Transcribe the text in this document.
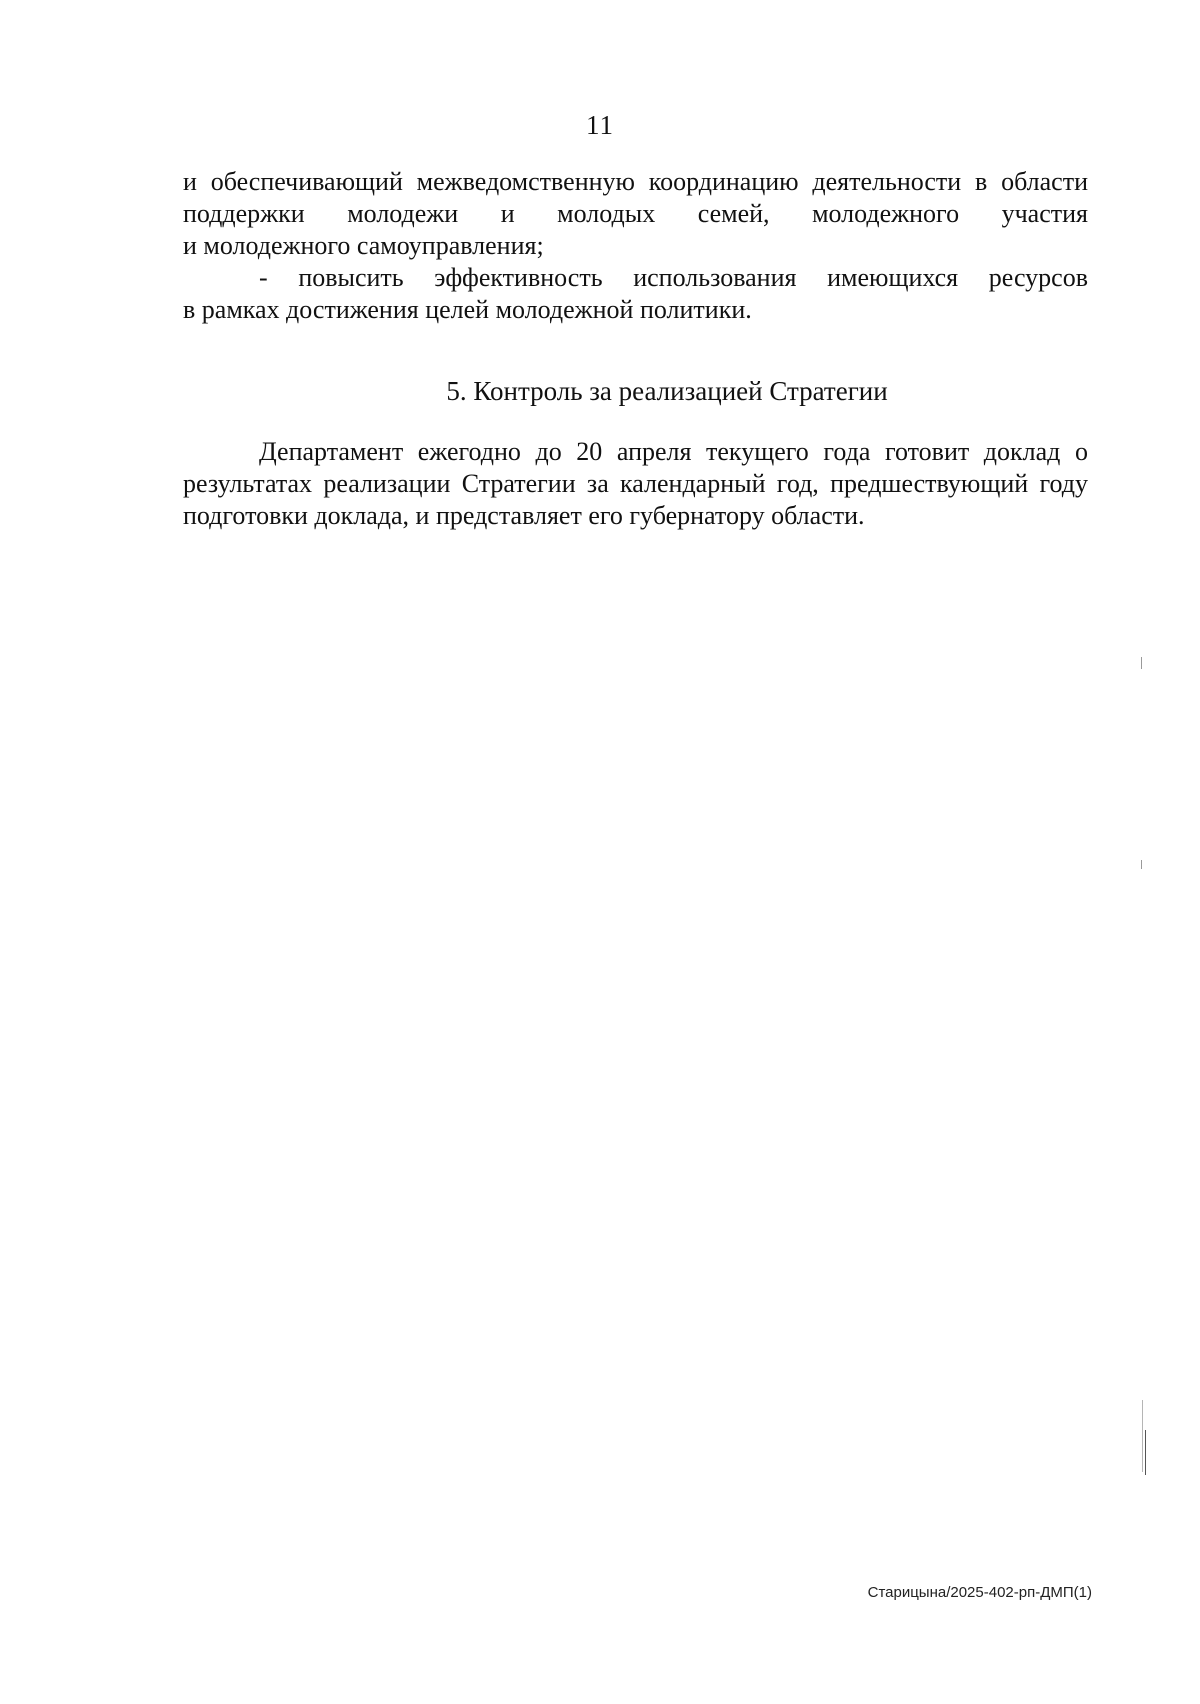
11
и обеспечивающий межведомственную координацию деятельности в области
поддержки молодежи и молодых семей, молодежного участия
и молодежного самоуправления;
- повысить эффективность использования имеющихся ресурсов
в рамках достижения целей молодежной политики.
5. Контроль за реализацией Стратегии
Департамент ежегодно до 20 апреля текущего года готовит доклад о
результатах реализации Стратегии за календарный год, предшествующий году
подготовки доклада, и представляет его губернатору области.
Старицына/2025-402-рп-ДМП(1)
